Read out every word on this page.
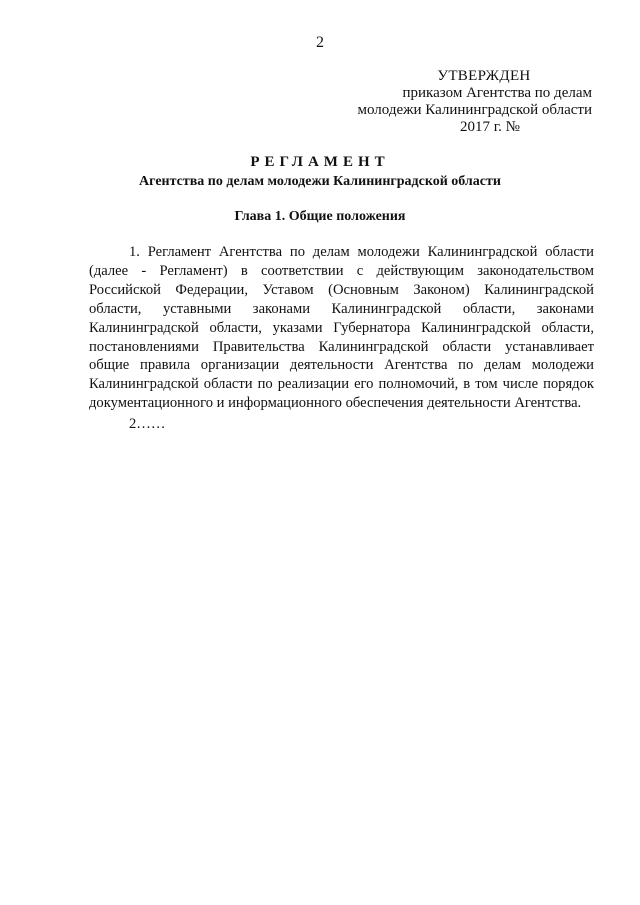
2
УТВЕРЖДЕН
приказом Агентства по делам
молодежи Калининградской области
2017 г. №
РЕГЛАМЕНТ
Агентства по делам молодежи Калининградской области
Глава 1. Общие положения

1. Регламент Агентства по делам молодежи Калининградской области (далее - Регламент) в соответствии с действующим законодательством Российской Федерации, Уставом (Основным Законом) Калининградской области, уставными законами Калининградской области, законами Калининградской области, указами Губернатора Калининградской области, постановлениями Правительства Калининградской области устанавливает общие правила организации деятельности Агентства по делам молодежи Калининградской области по реализации его полномочий, в том числе порядок документационного и информационного обеспечения деятельности Агентства.

2……
